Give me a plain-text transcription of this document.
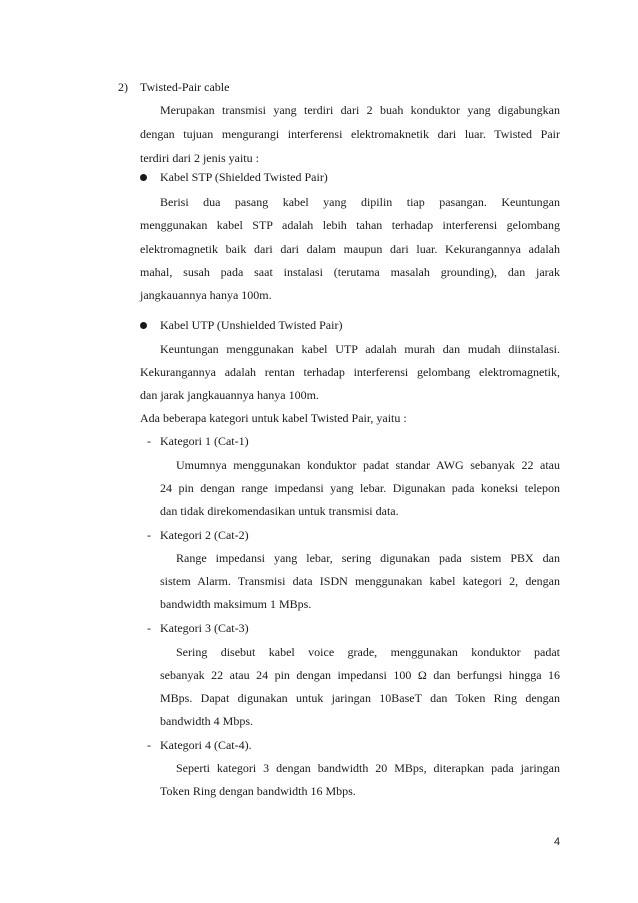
2) Twisted-Pair cable
Merupakan transmisi yang terdiri dari 2 buah konduktor yang digabungkan
dengan tujuan mengurangi interferensi elektromaknetik dari luar. Twisted Pair
terdiri dari 2 jenis yaitu :
Kabel STP (Shielded Twisted Pair)
Berisi dua pasang kabel yang dipilin tiap pasangan. Keuntungan
menggunakan kabel STP adalah lebih tahan terhadap interferensi gelombang
elektromagnetik baik dari dari dalam maupun dari luar. Kekurangannya adalah
mahal, susah pada saat instalasi (terutama masalah grounding), dan jarak
jangkauannya hanya 100m.
Kabel UTP (Unshielded Twisted Pair)
Keuntungan menggunakan kabel UTP adalah murah dan mudah diinstalasi.
Kekurangannya adalah rentan terhadap interferensi gelombang elektromagnetik,
dan jarak jangkauannya hanya 100m.
Ada beberapa kategori untuk kabel Twisted Pair, yaitu :
- Kategori 1 (Cat-1)
Umumnya menggunakan konduktor padat standar AWG sebanyak 22 atau
24 pin dengan range impedansi yang lebar. Digunakan pada koneksi telepon
dan tidak direkomendasikan untuk transmisi data.
- Kategori 2 (Cat-2)
Range impedansi yang lebar, sering digunakan pada sistem PBX dan
sistem Alarm. Transmisi data ISDN menggunakan kabel kategori 2, dengan
bandwidth maksimum 1 MBps.
- Kategori 3 (Cat-3)
Sering disebut kabel voice grade, menggunakan konduktor padat
sebanyak 22 atau 24 pin dengan impedansi 100 Ω dan berfungsi hingga 16
MBps. Dapat digunakan untuk jaringan 10BaseT dan Token Ring dengan
bandwidth 4 Mbps.
- Kategori 4 (Cat-4).
Seperti kategori 3 dengan bandwidth 20 MBps, diterapkan pada jaringan
Token Ring dengan bandwidth 16 Mbps.
4
